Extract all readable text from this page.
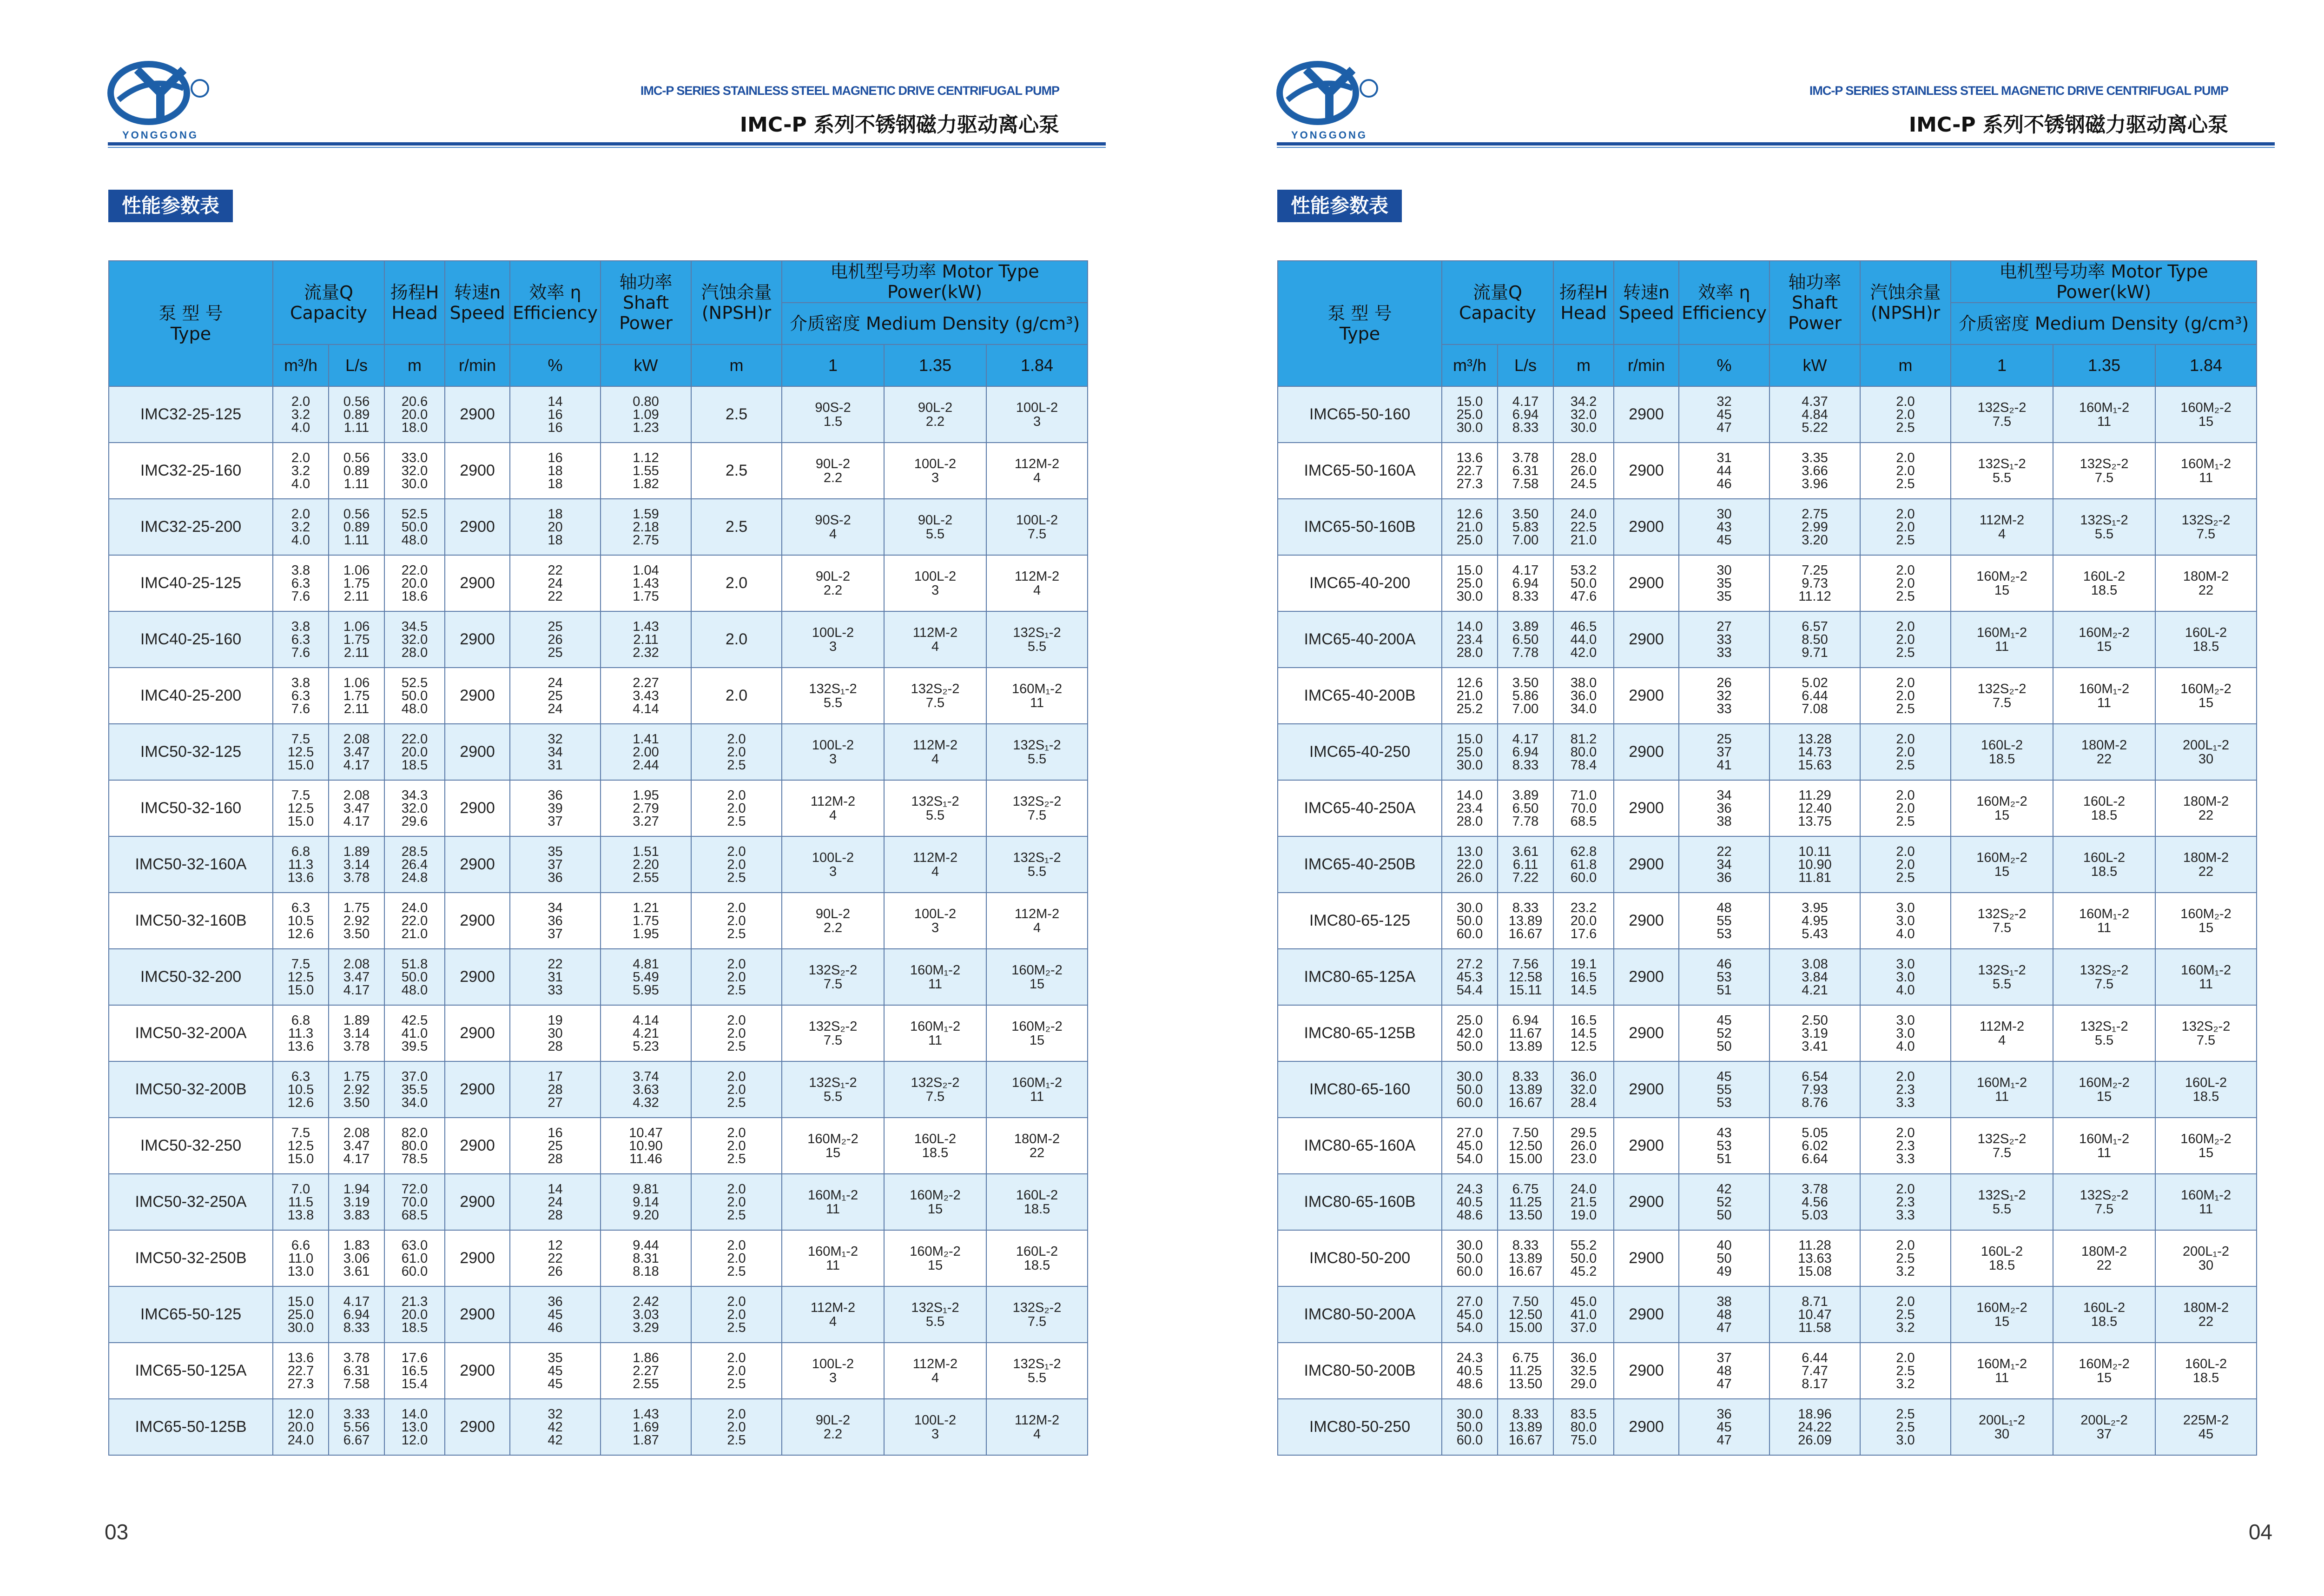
YONGGONG
IMC-P SERIES STAINLESS STEEL MAGNETIC DRIVE CENTRIFUGAL PUMP
IMC-P 系列不锈钢磁力驱动离心泵
性能参数表
泵 型 号
Type	流量Q
Capacity		扬程H
Head	转速n
Speed	效率 η
Efficiency	轴功率
Shaft Power	汽蚀余量
(NPSH)r	电机型号功率 Motor Type Power(kW)		
								介质密度 Medium Density (g/cm³)		
	m³/h	L/s	m	r/min	%	kW	m	1	1.35	1.84
IMC32-25-125	2.0
3.2
4.0	0.56
0.89
1.11	20.6
20.0
18.0	2900	14
16
16	0.80
1.09
1.23	2.5	90S-2
1.5	90L-2
2.2	100L-2
3

IMC32-25-160	2.0
3.2
4.0	0.56
0.89
1.11	33.0
32.0
30.0	2900	16
18
18	1.12
1.55
1.82	2.5	90L-2
2.2	100L-2
3	112M-2
4

IMC32-25-200	2.0
3.2
4.0	0.56
0.89
1.11	52.5
50.0
48.0	2900	18
20
18	1.59
2.18
2.75	2.5	90S-2
4	90L-2
5.5	100L-2
7.5

IMC40-25-125	3.8
6.3
7.6	1.06
1.75
2.11	22.0
20.0
18.6	2900	22
24
22	1.04
1.43
1.75	2.0	90L-2
2.2	100L-2
3	112M-2
4

IMC40-25-160	3.8
6.3
7.6	1.06
1.75
2.11	34.5
32.0
28.0	2900	25
26
25	1.43
2.11
2.32	2.0	100L-2
3	112M-2
4	132S₁-2
5.5

IMC40-25-200	3.8
6.3
7.6	1.06
1.75
2.11	52.5
50.0
48.0	2900	24
25
24	2.27
3.43
4.14	2.0	132S₁-2
5.5	132S₂-2
7.5	160M₁-2
11

IMC50-32-125	7.5
12.5
15.0	2.08
3.47
4.17	22.0
20.0
18.5	2900	32
34
31	1.41
2.00
2.44	2.0
2.0
2.5	100L-2
3	112M-2
4	132S₁-2
5.5

IMC50-32-160	7.5
12.5
15.0	2.08
3.47
4.17	34.3
32.0
29.6	2900	36
39
37	1.95
2.79
3.27	2.0
2.0
2.5	112M-2
4	132S₁-2
5.5	132S₂-2
7.5

IMC50-32-160A	6.8
11.3
13.6	1.89
3.14
3.78	28.5
26.4
24.8	2900	35
37
36	1.51
2.20
2.55	2.0
2.0
2.5	100L-2
3	112M-2
4	132S₁-2
5.5

IMC50-32-160B	6.3
10.5
12.6	1.75
2.92
3.50	24.0
22.0
21.0	2900	34
36
37	1.21
1.75
1.95	2.0
2.0
2.5	90L-2
2.2	100L-2
3	112M-2
4

IMC50-32-200	7.5
12.5
15.0	2.08
3.47
4.17	51.8
50.0
48.0	2900	22
31
33	4.81
5.49
5.95	2.0
2.0
2.5	132S₂-2
7.5	160M₁-2
11	160M₂-2
15

IMC50-32-200A	6.8
11.3
13.6	1.89
3.14
3.78	42.5
41.0
39.5	2900	19
30
28	4.14
4.21
5.23	2.0
2.0
2.5	132S₂-2
7.5	160M₁-2
11	160M₂-2
15

IMC50-32-200B	6.3
10.5
12.6	1.75
2.92
3.50	37.0
35.5
34.0	2900	17
28
27	3.74
3.63
4.32	2.0
2.0
2.5	132S₁-2
5.5	132S₂-2
7.5	160M₁-2
11

IMC50-32-250	7.5
12.5
15.0	2.08
3.47
4.17	82.0
80.0
78.5	2900	16
25
28	10.47
10.90
11.46	2.0
2.0
2.5	160M₂-2
15	160L-2
18.5	180M-2
22

IMC50-32-250A	7.0
11.5
13.8	1.94
3.19
3.83	72.0
70.0
68.5	2900	14
24
28	9.81
9.14
9.20	2.0
2.0
2.5	160M₁-2
11	160M₂-2
15	160L-2
18.5

IMC50-32-250B	6.6
11.0
13.0	1.83
3.06
3.61	63.0
61.0
60.0	2900	12
22
26	9.44
8.31
8.18	2.0
2.0
2.5	160M₁-2
11	160M₂-2
15	160L-2
18.5

IMC65-50-125	15.0
25.0
30.0	4.17
6.94
8.33	21.3
20.0
18.5	2900	36
45
46	2.42
3.03
3.29	2.0
2.0
2.5	112M-2
4	132S₁-2
5.5	132S₂-2
7.5

IMC65-50-125A	13.6
22.7
27.3	3.78
6.31
7.58	17.6
16.5
15.4	2900	35
45
45	1.86
2.27
2.55	2.0
2.0
2.5	100L-2
3	112M-2
4	132S₁-2
5.5

IMC65-50-125B	12.0
20.0
24.0	3.33
5.56
6.67	14.0
13.0
12.0	2900	32
42
42	1.43
1.69
1.87	2.0
2.0
2.5	90L-2
2.2	100L-2
3	112M-2
4
03
YONGGONG
IMC-P SERIES STAINLESS STEEL MAGNETIC DRIVE CENTRIFUGAL PUMP
IMC-P 系列不锈钢磁力驱动离心泵
性能参数表
泵 型 号
Type	流量Q
Capacity		扬程H
Head	转速n
Speed	效率 η
Efficiency	轴功率
Shaft Power	汽蚀余量
(NPSH)r	电机型号功率 Motor Type Power(kW)		
								介质密度 Medium Density (g/cm³)		
	m³/h	L/s	m	r/min	%	kW	m	1	1.35	1.84
IMC65-50-160	15.0
25.0
30.0	4.17
6.94
8.33	34.2
32.0
30.0	2900	32
45
47	4.37
4.84
5.22	2.0
2.0
2.5	132S₂-2
7.5	160M₁-2
11	160M₂-2
15

IMC65-50-160A	13.6
22.7
27.3	3.78
6.31
7.58	28.0
26.0
24.5	2900	31
44
46	3.35
3.66
3.96	2.0
2.0
2.5	132S₁-2
5.5	132S₂-2
7.5	160M₁-2
11

IMC65-50-160B	12.6
21.0
25.0	3.50
5.83
7.00	24.0
22.5
21.0	2900	30
43
45	2.75
2.99
3.20	2.0
2.0
2.5	112M-2
4	132S₁-2
5.5	132S₂-2
7.5

IMC65-40-200	15.0
25.0
30.0	4.17
6.94
8.33	53.2
50.0
47.6	2900	30
35
35	7.25
9.73
11.12	2.0
2.0
2.5	160M₂-2
15	160L-2
18.5	180M-2
22

IMC65-40-200A	14.0
23.4
28.0	3.89
6.50
7.78	46.5
44.0
42.0	2900	27
33
33	6.57
8.50
9.71	2.0
2.0
2.5	160M₁-2
11	160M₂-2
15	160L-2
18.5

IMC65-40-200B	12.6
21.0
25.2	3.50
5.86
7.00	38.0
36.0
34.0	2900	26
32
33	5.02
6.44
7.08	2.0
2.0
2.5	132S₂-2
7.5	160M₁-2
11	160M₂-2
15

IMC65-40-250	15.0
25.0
30.0	4.17
6.94
8.33	81.2
80.0
78.4	2900	25
37
41	13.28
14.73
15.63	2.0
2.0
2.5	160L-2
18.5	180M-2
22	200L₁-2
30

IMC65-40-250A	14.0
23.4
28.0	3.89
6.50
7.78	71.0
70.0
68.5	2900	34
36
38	11.29
12.40
13.75	2.0
2.0
2.5	160M₂-2
15	160L-2
18.5	180M-2
22

IMC65-40-250B	13.0
22.0
26.0	3.61
6.11
7.22	62.8
61.8
60.0	2900	22
34
36	10.11
10.90
11.81	2.0
2.0
2.5	160M₂-2
15	160L-2
18.5	180M-2
22

IMC80-65-125	30.0
50.0
60.0	8.33
13.89
16.67	23.2
20.0
17.6	2900	48
55
53	3.95
4.95
5.43	3.0
3.0
4.0	132S₂-2
7.5	160M₁-2
11	160M₂-2
15

IMC80-65-125A	27.2
45.3
54.4	7.56
12.58
15.11	19.1
16.5
14.5	2900	46
53
51	3.08
3.84
4.21	3.0
3.0
4.0	132S₁-2
5.5	132S₂-2
7.5	160M₁-2
11

IMC80-65-125B	25.0
42.0
50.0	6.94
11.67
13.89	16.5
14.5
12.5	2900	45
52
50	2.50
3.19
3.41	3.0
3.0
4.0	112M-2
4	132S₁-2
5.5	132S₂-2
7.5

IMC80-65-160	30.0
50.0
60.0	8.33
13.89
16.67	36.0
32.0
28.4	2900	45
55
53	6.54
7.93
8.76	2.0
2.3
3.3	160M₁-2
11	160M₂-2
15	160L-2
18.5

IMC80-65-160A	27.0
45.0
54.0	7.50
12.50
15.00	29.5
26.0
23.0	2900	43
53
51	5.05
6.02
6.64	2.0
2.3
3.3	132S₂-2
7.5	160M₁-2
11	160M₂-2
15

IMC80-65-160B	24.3
40.5
48.6	6.75
11.25
13.50	24.0
21.5
19.0	2900	42
52
50	3.78
4.56
5.03	2.0
2.3
3.3	132S₁-2
5.5	132S₂-2
7.5	160M₁-2
11

IMC80-50-200	30.0
50.0
60.0	8.33
13.89
16.67	55.2
50.0
45.2	2900	40
50
49	11.28
13.63
15.08	2.0
2.5
3.2	160L-2
18.5	180M-2
22	200L₁-2
30

IMC80-50-200A	27.0
45.0
54.0	7.50
12.50
15.00	45.0
41.0
37.0	2900	38
48
47	8.71
10.47
11.58	2.0
2.5
3.2	160M₂-2
15	160L-2
18.5	180M-2
22

IMC80-50-200B	24.3
40.5
48.6	6.75
11.25
13.50	36.0
32.5
29.0	2900	37
48
47	6.44
7.47
8.17	2.0
2.5
3.2	160M₁-2
11	160M₂-2
15	160L-2
18.5

IMC80-50-250	30.0
50.0
60.0	8.33
13.89
16.67	83.5
80.0
75.0	2900	36
45
47	18.96
24.22
26.09	2.5
2.5
3.0	200L₁-2
30	200L₂-2
37	225M-2
45
04
